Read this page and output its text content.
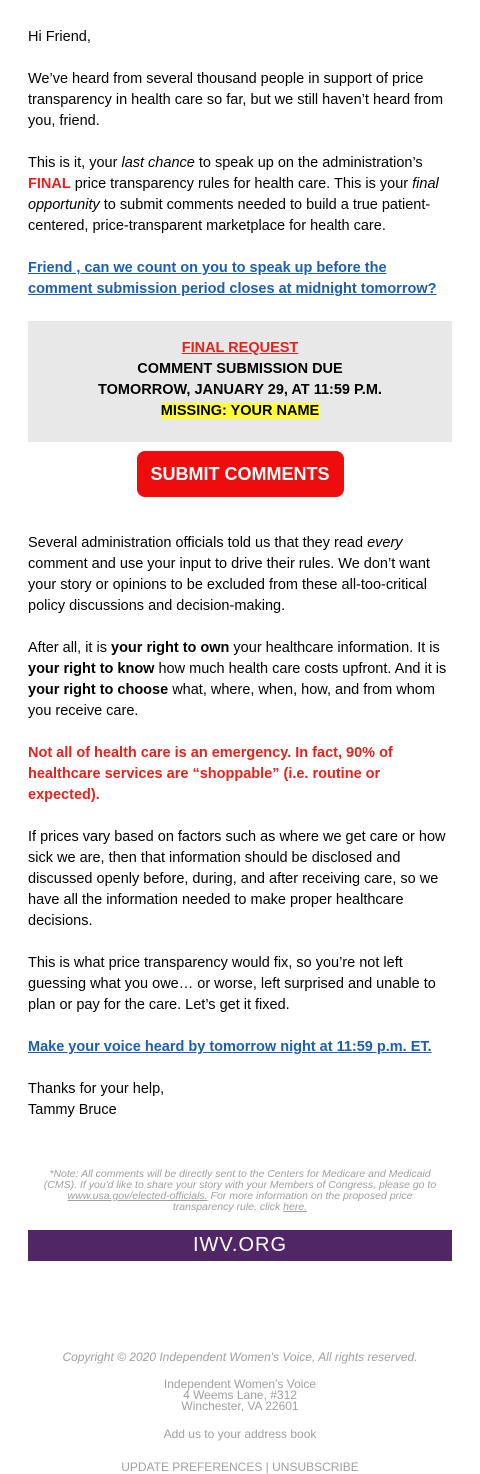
Hi Friend,

We’ve heard from several thousand people in support of price transparency in health care so far, but we still haven’t heard from you, friend.

This is it, your last chance to speak up on the administration’s FINAL price transparency rules for health care. This is your final opportunity to submit comments needed to build a true patient-centered, price-transparent marketplace for health care.

Friend , can we count on you to speak up before the comment submission period closes at midnight tomorrow?

FINAL REQUEST
COMMENT SUBMISSION DUE
TOMORROW, JANUARY 29, AT 11:59 P.M.
MISSING: YOUR NAME
SUBMIT COMMENTS

Several administration officials told us that they read every comment and use your input to drive their rules. We don’t want your story or opinions to be excluded from these all-too-critical policy discussions and decision-making.

After all, it is your right to own your healthcare information. It is your right to know how much health care costs upfront. And it is your right to choose what, where, when, how, and from whom you receive care.

Not all of health care is an emergency. In fact, 90% of healthcare services are “shoppable” (i.e. routine or expected).

If prices vary based on factors such as where we get care or how sick we are, then that information should be disclosed and discussed openly before, during, and after receiving care, so we have all the information needed to make proper healthcare decisions.

This is what price transparency would fix, so you’re not left guessing what you owe… or worse, left surprised and unable to plan or pay for the care. Let’s get it fixed.

Make your voice heard by tomorrow night at 11:59 p.m. ET.

Thanks for your help,
Tammy Bruce
*Note: All comments will be directly sent to the Centers for Medicare and Medicaid (CMS). If you'd like to share your story with your Members of Congress, please go to www.usa.gov/elected-officials. For more information on the proposed price transparency rule, click here.
IWV.ORG
Copyright © 2020 Independent Women's Voice, All rights reserved.
Independent Women's Voice
4 Weems Lane, #312
Winchester, VA 22601
Add us to your address book
UPDATE PREFERENCES | UNSUBSCRIBE
